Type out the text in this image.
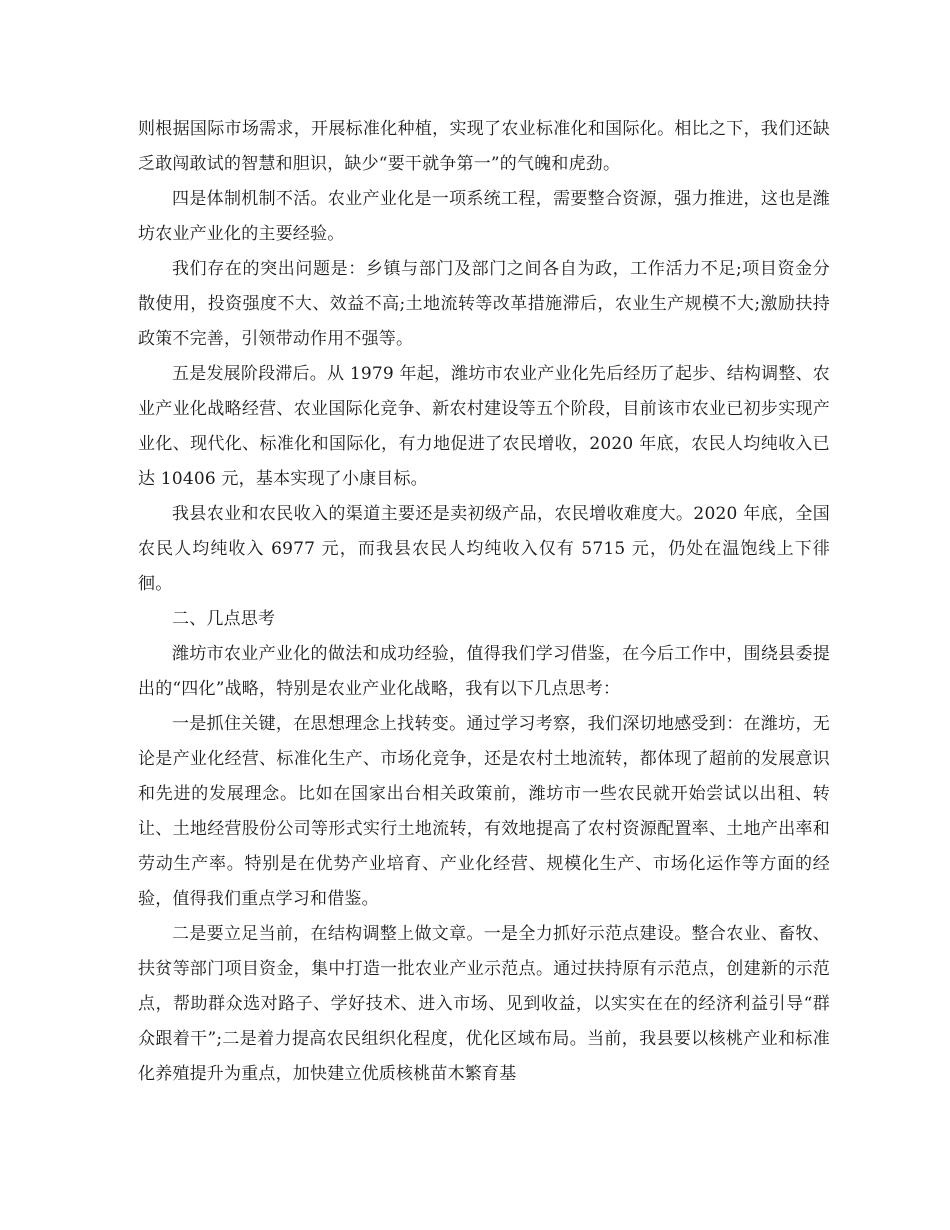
则根据国际市场需求，开展标准化种植，实现了农业标准化和国际化。相比之下，我们还缺乏敢闯敢试的智慧和胆识，缺少“要干就争第一”的气魄和虎劲。

四是体制机制不活。农业产业化是一项系统工程，需要整合资源，强力推进，这也是潍坊农业产业化的主要经验。

我们存在的突出问题是：乡镇与部门及部门之间各自为政，工作活力不足;项目资金分散使用，投资强度不大、效益不高;土地流转等改革措施滞后，农业生产规模不大;激励扶持政策不完善，引领带动作用不强等。

五是发展阶段滞后。从 1979 年起，潍坊市农业产业化先后经历了起步、结构调整、农业产业化战略经营、农业国际化竞争、新农村建设等五个阶段，目前该市农业已初步实现产业化、现代化、标准化和国际化，有力地促进了农民增收，2020 年底，农民人均纯收入已达 10406 元，基本实现了小康目标。

我县农业和农民收入的渠道主要还是卖初级产品，农民增收难度大。2020 年底，全国农民人均纯收入 6977 元，而我县农民人均纯收入仅有 5715 元，仍处在温饱线上下徘徊。

二、几点思考

潍坊市农业产业化的做法和成功经验，值得我们学习借鉴，在今后工作中，围绕县委提出的“四化”战略，特别是农业产业化战略，我有以下几点思考：

一是抓住关键，在思想理念上找转变。通过学习考察，我们深切地感受到：在潍坊，无论是产业化经营、标准化生产、市场化竞争，还是农村土地流转，都体现了超前的发展意识和先进的发展理念。比如在国家出台相关政策前，潍坊市一些农民就开始尝试以出租、转让、土地经营股份公司等形式实行土地流转，有效地提高了农村资源配置率、土地产出率和劳动生产率。特别是在优势产业培育、产业化经营、规模化生产、市场化运作等方面的经验，值得我们重点学习和借鉴。

二是要立足当前，在结构调整上做文章。一是全力抓好示范点建设。整合农业、畜牧、扶贫等部门项目资金，集中打造一批农业产业示范点。通过扶持原有示范点，创建新的示范点，帮助群众选对路子、学好技术、进入市场、见到收益，以实实在在的经济利益引导“群众跟着干”;二是着力提高农民组织化程度，优化区域布局。当前，我县要以核桃产业和标准化养殖提升为重点，加快建立优质核桃苗木繁育基
